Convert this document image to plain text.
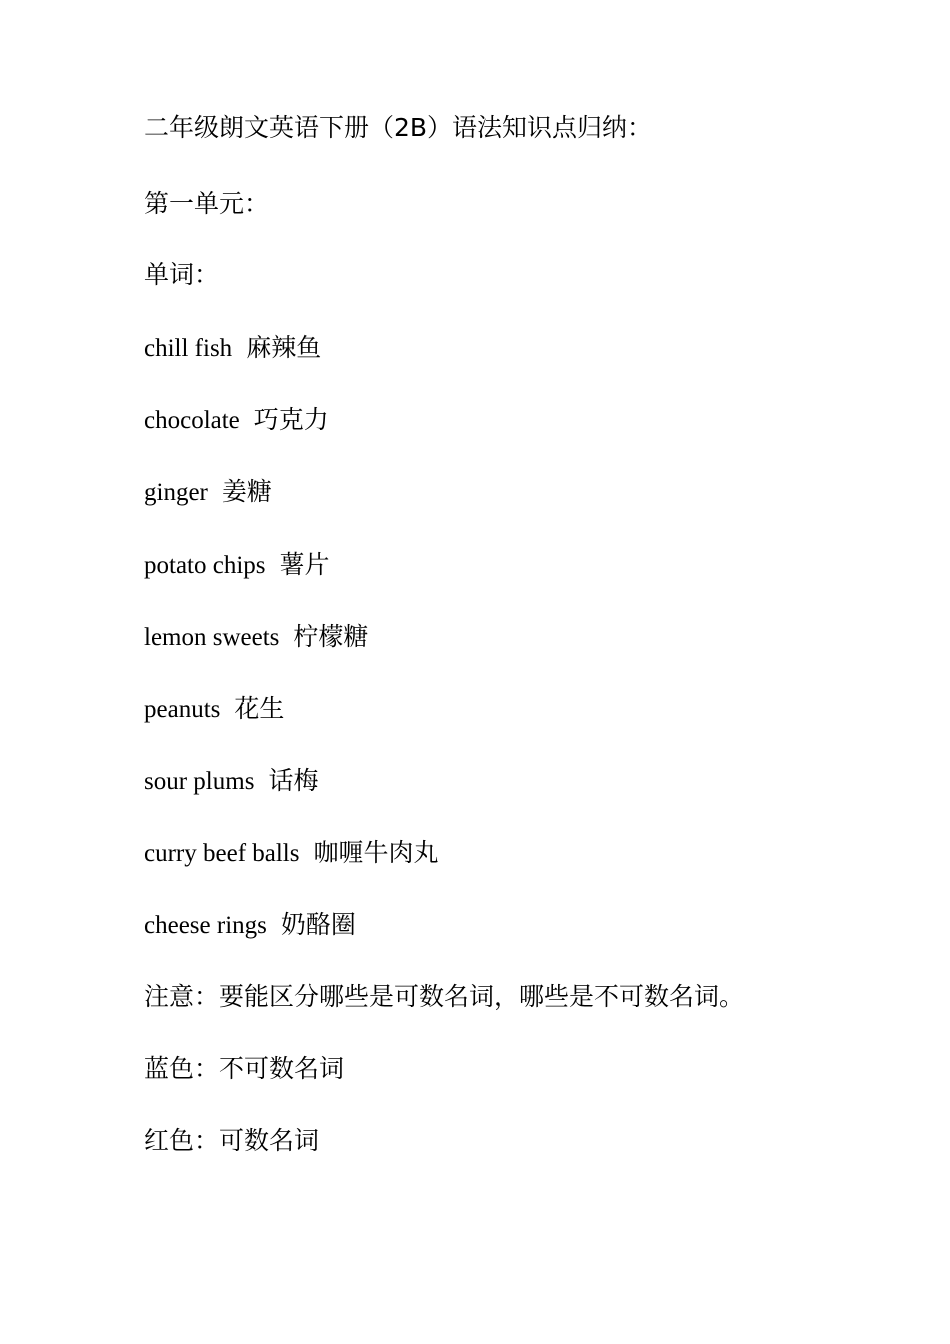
二年级朗文英语下册（2B）语法知识点归纳：
第一单元：
单词：
chill fish 麻辣鱼
chocolate 巧克力
ginger 姜糖
potato chips 薯片
lemon sweets 柠檬糖
peanuts 花生
sour plums 话梅
curry beef balls 咖喱牛肉丸
cheese rings 奶酪圈
注意：要能区分哪些是可数名词，哪些是不可数名词。
蓝色：不可数名词
红色：可数名词
